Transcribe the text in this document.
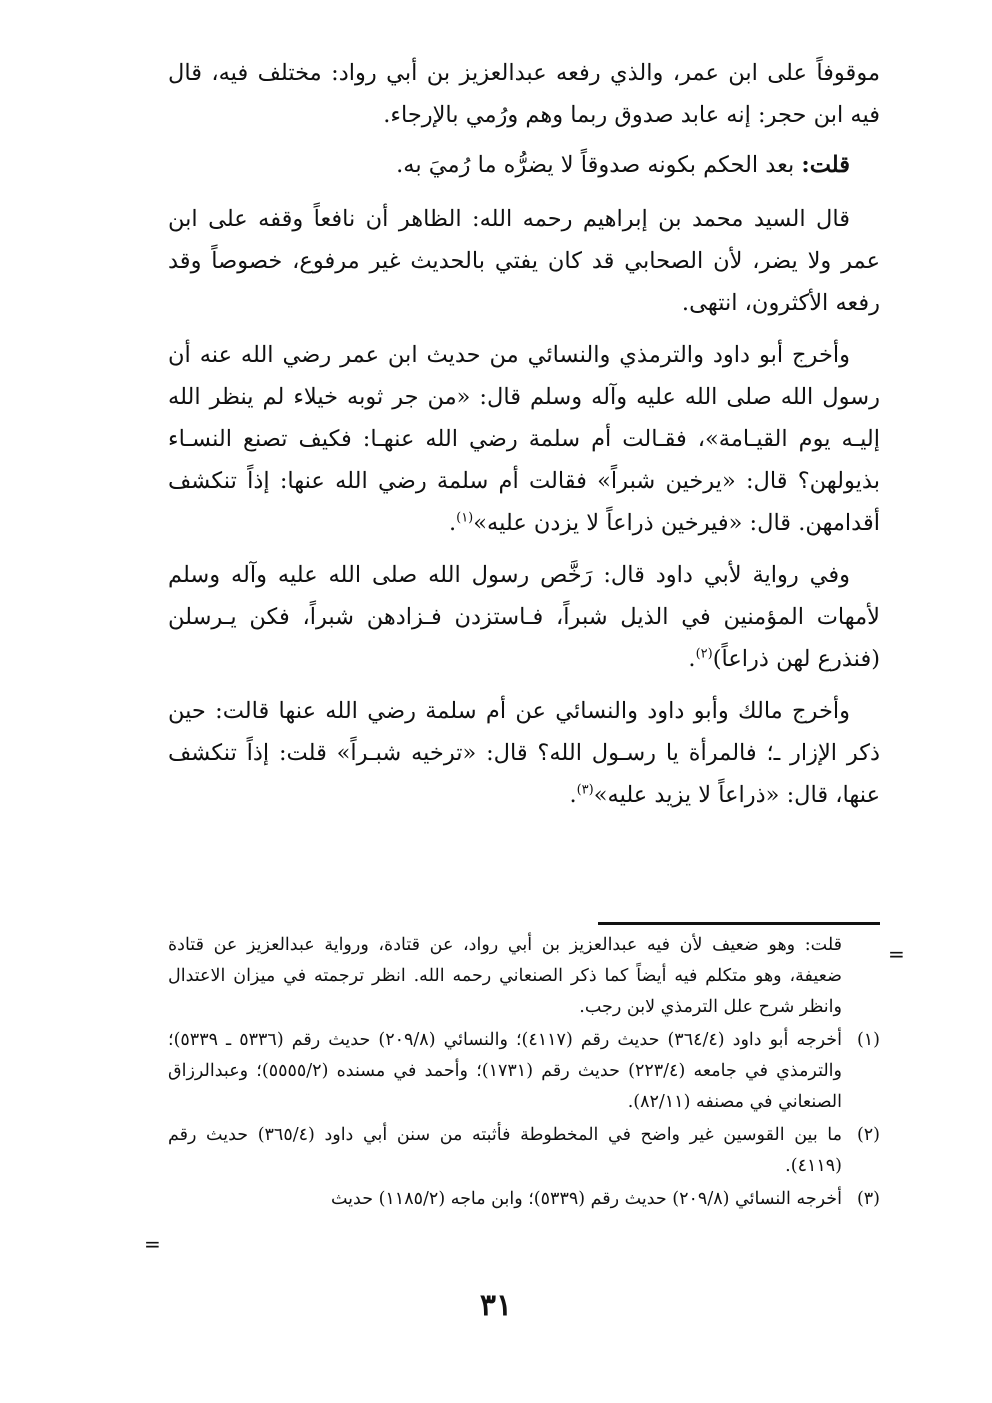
موقوفاً على ابن عمر، والذي رفعه عبدالعزيز بن أبي رواد: مختلف فيه، قال فيه ابن حجر: إنه عابد صدوق ربما وهم ورُمي بالإرجاء.

قلت: بعد الحكم بكونه صدوقاً لا يضرُّه ما رُميَ به.

قال السيد محمد بن إبراهيم رحمه الله: الظاهر أن نافعاً وقفه على ابن عمر ولا يضر، لأن الصحابي قد كان يفتي بالحديث غير مرفوع، خصوصاً وقد رفعه الأكثرون، انتهى.

وأخرج أبو داود والترمذي والنسائي من حديث ابن عمر رضي الله عنه أن رسول الله صلى الله عليه وآله وسلم قال: «من جر ثوبه خيلاء لم ينظر الله إليـه يوم القيـامة»، فقـالت أم سلمة رضي الله عنهـا: فكيف تصنع النسـاء بذيولهن؟ قال: «يرخين شبراً» فقالت أم سلمة رضي الله عنها: إذاً تنكشف أقدامهن. قال: «فيرخين ذراعاً لا يزدن عليه»$^{(١)}$.

وفي رواية لأبي داود قال: رَخَّص رسول الله صلى الله عليه وآله وسلم لأمهات المؤمنين في الذيل شبراً، فـاستزدن فـزادهن شبراً، فكن يـرسلن (فنذرع لهن ذراعاً)$^{(٢)}$.

وأخرج مالك وأبو داود والنسائي عن أم سلمة رضي الله عنها قالت: حين ذكر الإزار ـ؛ فالمرأة يا رسـول الله؟ قال: «ترخيه شبـراً» قلت: إذاً تنكشف عنها، قال: «ذراعاً لا يزيد عليه»$^{(٣)}$.

=
قلت: وهو ضعيف لأن فيه عبدالعزيز بن أبي رواد، عن قتادة، ورواية عبدالعزيز عن قتادة ضعيفة، وهو متكلم فيه أيضاً كما ذكر الصنعاني رحمه الله. انظر ترجمته في ميزان الاعتدال وانظر شرح علل الترمذي لابن رجب.
(١)
أخرجه أبو داود (٣٦٤/٤) حديث رقم (٤١١٧)؛ والنسائي (٢٠٩/٨) حديث رقم (٥٣٣٦ ـ ٥٣٣٩)؛ والترمذي في جامعه (٢٢٣/٤) حديث رقم (١٧٣١)؛ وأحمد في مسنده (٥٥٥٥/٢)؛ وعبدالرزاق الصنعاني في مصنفه (٨٢/١١).
(٢)
ما بين القوسين غير واضح في المخطوطة فأثبته من سنن أبي داود (٣٦٥/٤) حديث رقم (٤١١٩).
(٣)
أخرجه النسائي (٢٠٩/٨) حديث رقم (٥٣٣٩)؛ وابن ماجه (١١٨٥/٢) حديث
=
٣١
